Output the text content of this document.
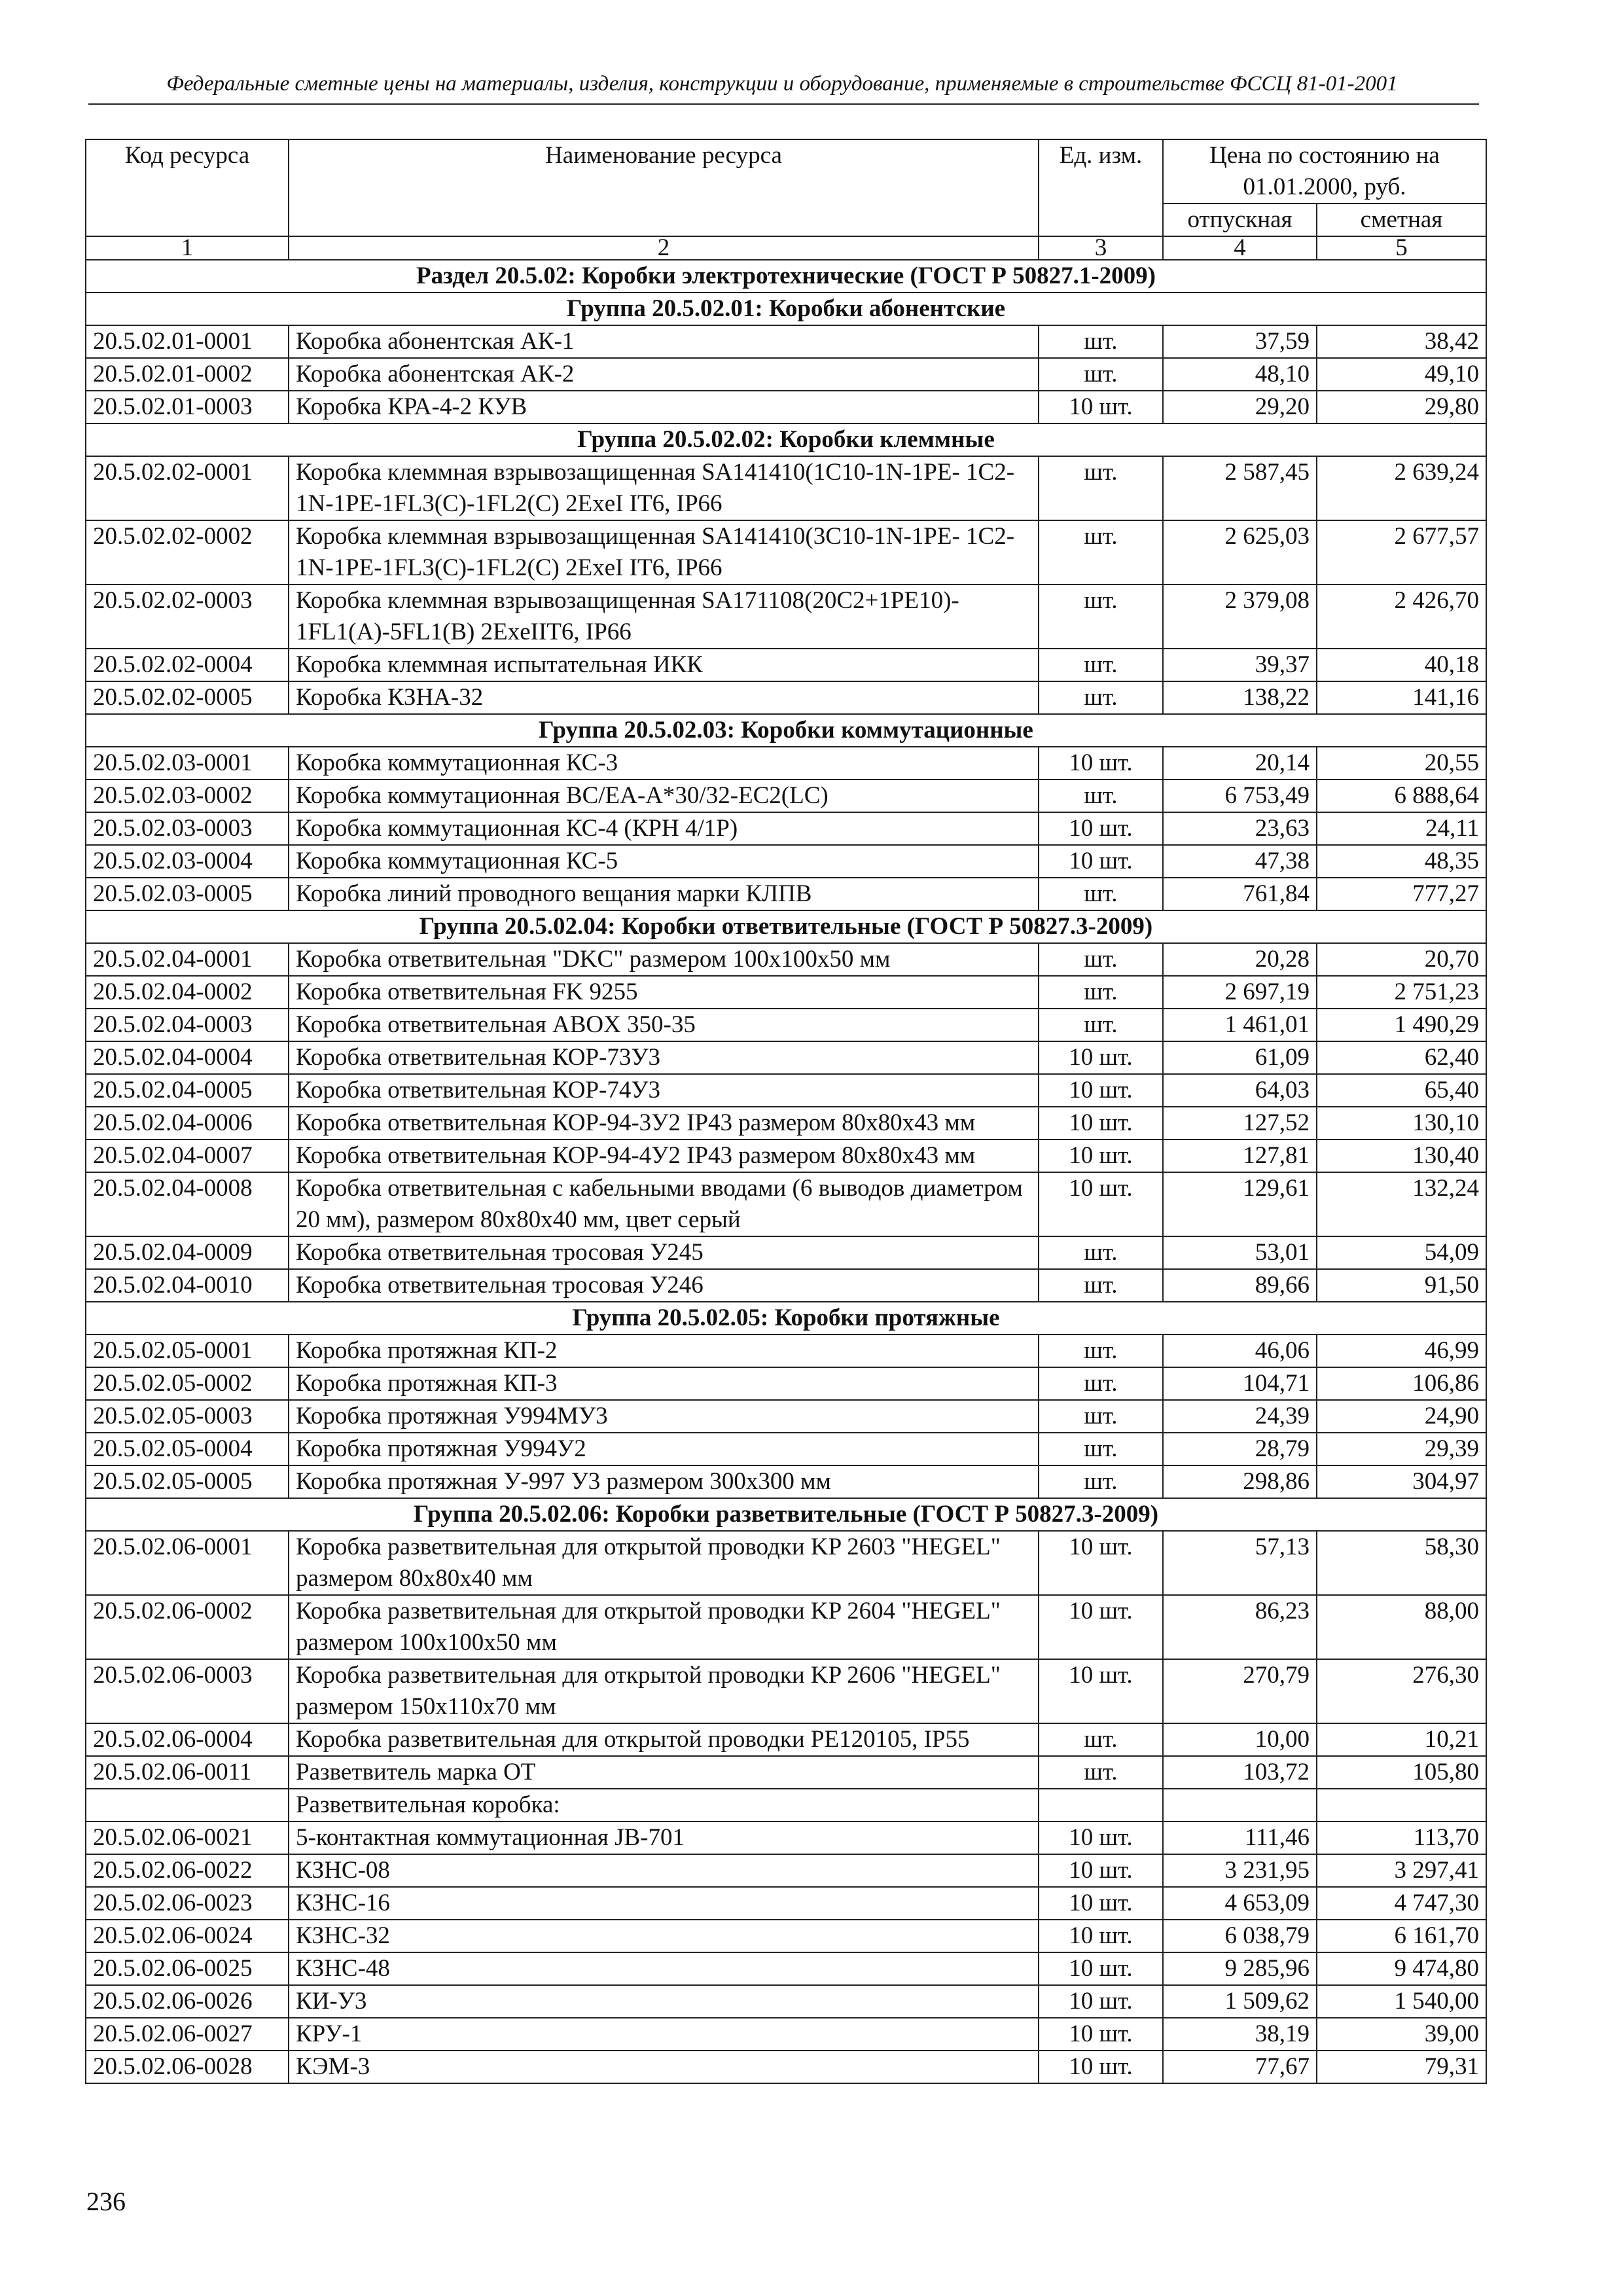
Федеральные сметные цены на материалы, изделия, конструкции и оборудование, применяемые в строительстве ФССЦ 81-01-2001
Код ресурса	Наименование ресурса	Ед. изм.	Цена по состоянию на 01.01.2000, руб.	
			отпускная	сметная
1	2	3	4	5
Раздел 20.5.02: Коробки электротехнические (ГОСТ Р 50827.1-2009)				
Группа 20.5.02.01: Коробки абонентские				
20.5.02.01-0001	Коробка абонентская АК-1	шт.	37,59	38,42
20.5.02.01-0002	Коробка абонентская АК-2	шт.	48,10	49,10
20.5.02.01-0003	Коробка КРА-4-2 КУВ	10 шт.	29,20	29,80
Группа 20.5.02.02: Коробки клеммные				
20.5.02.02-0001	Коробка клеммная взрывозащищенная SA141410(1C10-1N-1PE- 1C2-1N-1PE-1FL3(C)-1FL2(C) 2ExeI IT6, IP66	шт.	2 587,45	2 639,24
20.5.02.02-0002	Коробка клеммная взрывозащищенная SA141410(3C10-1N-1PE- 1C2-1N-1PE-1FL3(C)-1FL2(C) 2ExeI IT6, IP66	шт.	2 625,03	2 677,57
20.5.02.02-0003	Коробка клеммная взрывозащищенная SA171108(20C2+1PE10)- 1FL1(A)-5FL1(B) 2ExeIIT6, IP66	шт.	2 379,08	2 426,70
20.5.02.02-0004	Коробка клеммная испытательная ИКК	шт.	39,37	40,18
20.5.02.02-0005	Коробка КЗНА-32	шт.	138,22	141,16
Группа 20.5.02.03: Коробки коммутационные				
20.5.02.03-0001	Коробка коммутационная КС-3	10 шт.	20,14	20,55
20.5.02.03-0002	Коробка коммутационная BC/EA-A*30/32-EC2(LC)	шт.	6 753,49	6 888,64
20.5.02.03-0003	Коробка коммутационная КС-4 (КРН 4/1Р)	10 шт.	23,63	24,11
20.5.02.03-0004	Коробка коммутационная КС-5	10 шт.	47,38	48,35
20.5.02.03-0005	Коробка линий проводного вещания марки КЛПВ	шт.	761,84	777,27
Группа 20.5.02.04: Коробки ответвительные (ГОСТ Р 50827.3-2009)				
20.5.02.04-0001	Коробка ответвительная "DKC" размером 100х100х50 мм	шт.	20,28	20,70
20.5.02.04-0002	Коробка ответвительная FK 9255	шт.	2 697,19	2 751,23
20.5.02.04-0003	Коробка ответвительная ABOX 350-35	шт.	1 461,01	1 490,29
20.5.02.04-0004	Коробка ответвительная КОР-73У3	10 шт.	61,09	62,40
20.5.02.04-0005	Коробка ответвительная КОР-74У3	10 шт.	64,03	65,40
20.5.02.04-0006	Коробка ответвительная КОР-94-3У2 IP43 размером 80х80х43 мм	10 шт.	127,52	130,10
20.5.02.04-0007	Коробка ответвительная КОР-94-4У2 IP43 размером 80х80х43 мм	10 шт.	127,81	130,40
20.5.02.04-0008	Коробка ответвительная с кабельными вводами (6 выводов диаметром 20 мм), размером 80х80х40 мм, цвет серый	10 шт.	129,61	132,24
20.5.02.04-0009	Коробка ответвительная тросовая У245	шт.	53,01	54,09
20.5.02.04-0010	Коробка ответвительная тросовая У246	шт.	89,66	91,50
Группа 20.5.02.05: Коробки протяжные				
20.5.02.05-0001	Коробка протяжная КП-2	шт.	46,06	46,99
20.5.02.05-0002	Коробка протяжная КП-3	шт.	104,71	106,86
20.5.02.05-0003	Коробка протяжная У994МУ3	шт.	24,39	24,90
20.5.02.05-0004	Коробка протяжная У994У2	шт.	28,79	29,39
20.5.02.05-0005	Коробка протяжная У-997 У3 размером 300х300 мм	шт.	298,86	304,97
Группа 20.5.02.06: Коробки разветвительные (ГОСТ Р 50827.3-2009)				
20.5.02.06-0001	Коробка разветвительная для открытой проводки KP 2603 "HEGEL" размером 80х80х40 мм	10 шт.	57,13	58,30
20.5.02.06-0002	Коробка разветвительная для открытой проводки KP 2604 "HEGEL" размером 100х100х50 мм	10 шт.	86,23	88,00
20.5.02.06-0003	Коробка разветвительная для открытой проводки KP 2606 "HEGEL" размером 150х110х70 мм	10 шт.	270,79	276,30
20.5.02.06-0004	Коробка разветвительная для открытой проводки PE120105, IP55	шт.	10,00	10,21
20.5.02.06-0011	Разветвитель марка ОТ	шт.	103,72	105,80
	Разветвительная коробка:			
20.5.02.06-0021	5-контактная коммутационная JB-701	10 шт.	111,46	113,70
20.5.02.06-0022	КЗНС-08	10 шт.	3 231,95	3 297,41
20.5.02.06-0023	КЗНС-16	10 шт.	4 653,09	4 747,30
20.5.02.06-0024	КЗНС-32	10 шт.	6 038,79	6 161,70
20.5.02.06-0025	КЗНС-48	10 шт.	9 285,96	9 474,80
20.5.02.06-0026	КИ-У3	10 шт.	1 509,62	1 540,00
20.5.02.06-0027	КРУ-1	10 шт.	38,19	39,00
20.5.02.06-0028	КЭМ-3	10 шт.	77,67	79,31
236
